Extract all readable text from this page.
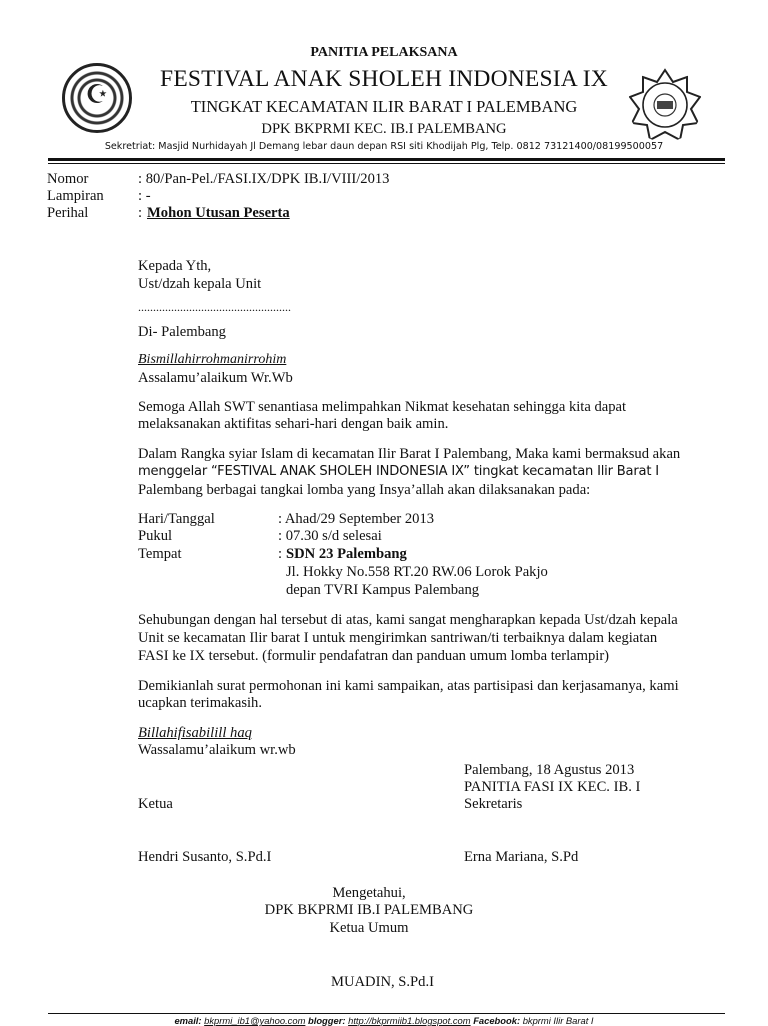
☪
PANITIA PELAKSANA
FESTIVAL ANAK SHOLEH INDONESIA IX
TINGKAT KECAMATAN ILIR BARAT I PALEMBANG
DPK BKPRMI KEC. IB.I PALEMBANG
Sekretriat: Masjid Nurhidayah Jl Demang lebar daun depan RSI siti Khodijah Plg, Telp. 0812 73121400/08199500057
Nomor	: 80/Pan-Pel./FASI.IX/DPK IB.I/VIII/2013
Lampiran : -
Perihal	: Mohon Utusan Peserta
Kepada Yth,
Ust/dzah kepala Unit
...................................................
Di- Palembang
Bismillahirrohmanirrohim
Assalamu’alaikum Wr.Wb
Semoga Allah SWT senantiasa melimpahkan Nikmat kesehatan sehingga kita dapat
melaksanakan aktifitas sehari-hari dengan baik amin.
Dalam Rangka syiar Islam di kecamatan Ilir Barat I Palembang, Maka kami bermaksud akan
menggelar “FESTIVAL ANAK SHOLEH INDONESIA IX” tingkat kecamatan Ilir Barat I
Palembang berbagai tangkai lomba yang Insya’allah akan dilaksanakan pada:
Hari/Tanggal	: Ahad/29 September 2013
Pukul	: 07.30 s/d selesai
Tempat	: SDN 23 Palembang
Jl. Hokky No.558 RT.20 RW.06 Lorok Pakjo
depan TVRI Kampus Palembang
Sehubungan dengan hal tersebut di atas, kami sangat mengharapkan kepada Ust/dzah kepala
Unit se kecamatan Ilir barat I untuk mengirimkan santriwan/ti terbaiknya dalam kegiatan
FASI ke IX tersebut. (formulir pendafatran dan panduan umum lomba terlampir)
Demikianlah surat permohonan ini kami sampaikan, atas partisipasi dan kerjasamanya, kami
ucapkan terimakasih.
Billahifisabilill haq
Wassalamu’alaikum wr.wb
Palembang, 18 Agustus 2013
PANITIA FASI IX KEC. IB. I
Ketua	Sekretaris
Hendri Susanto, S.Pd.I	Erna Mariana, S.Pd
Mengetahui,
DPK BKPRMI IB.I PALEMBANG
Ketua Umum
MUADIN, S.Pd.I
email: bkprmi_ib1@yahoo.com blogger: http://bkprmiib1.blogspot.com Facebook: bkprmi Ilir Barat I
